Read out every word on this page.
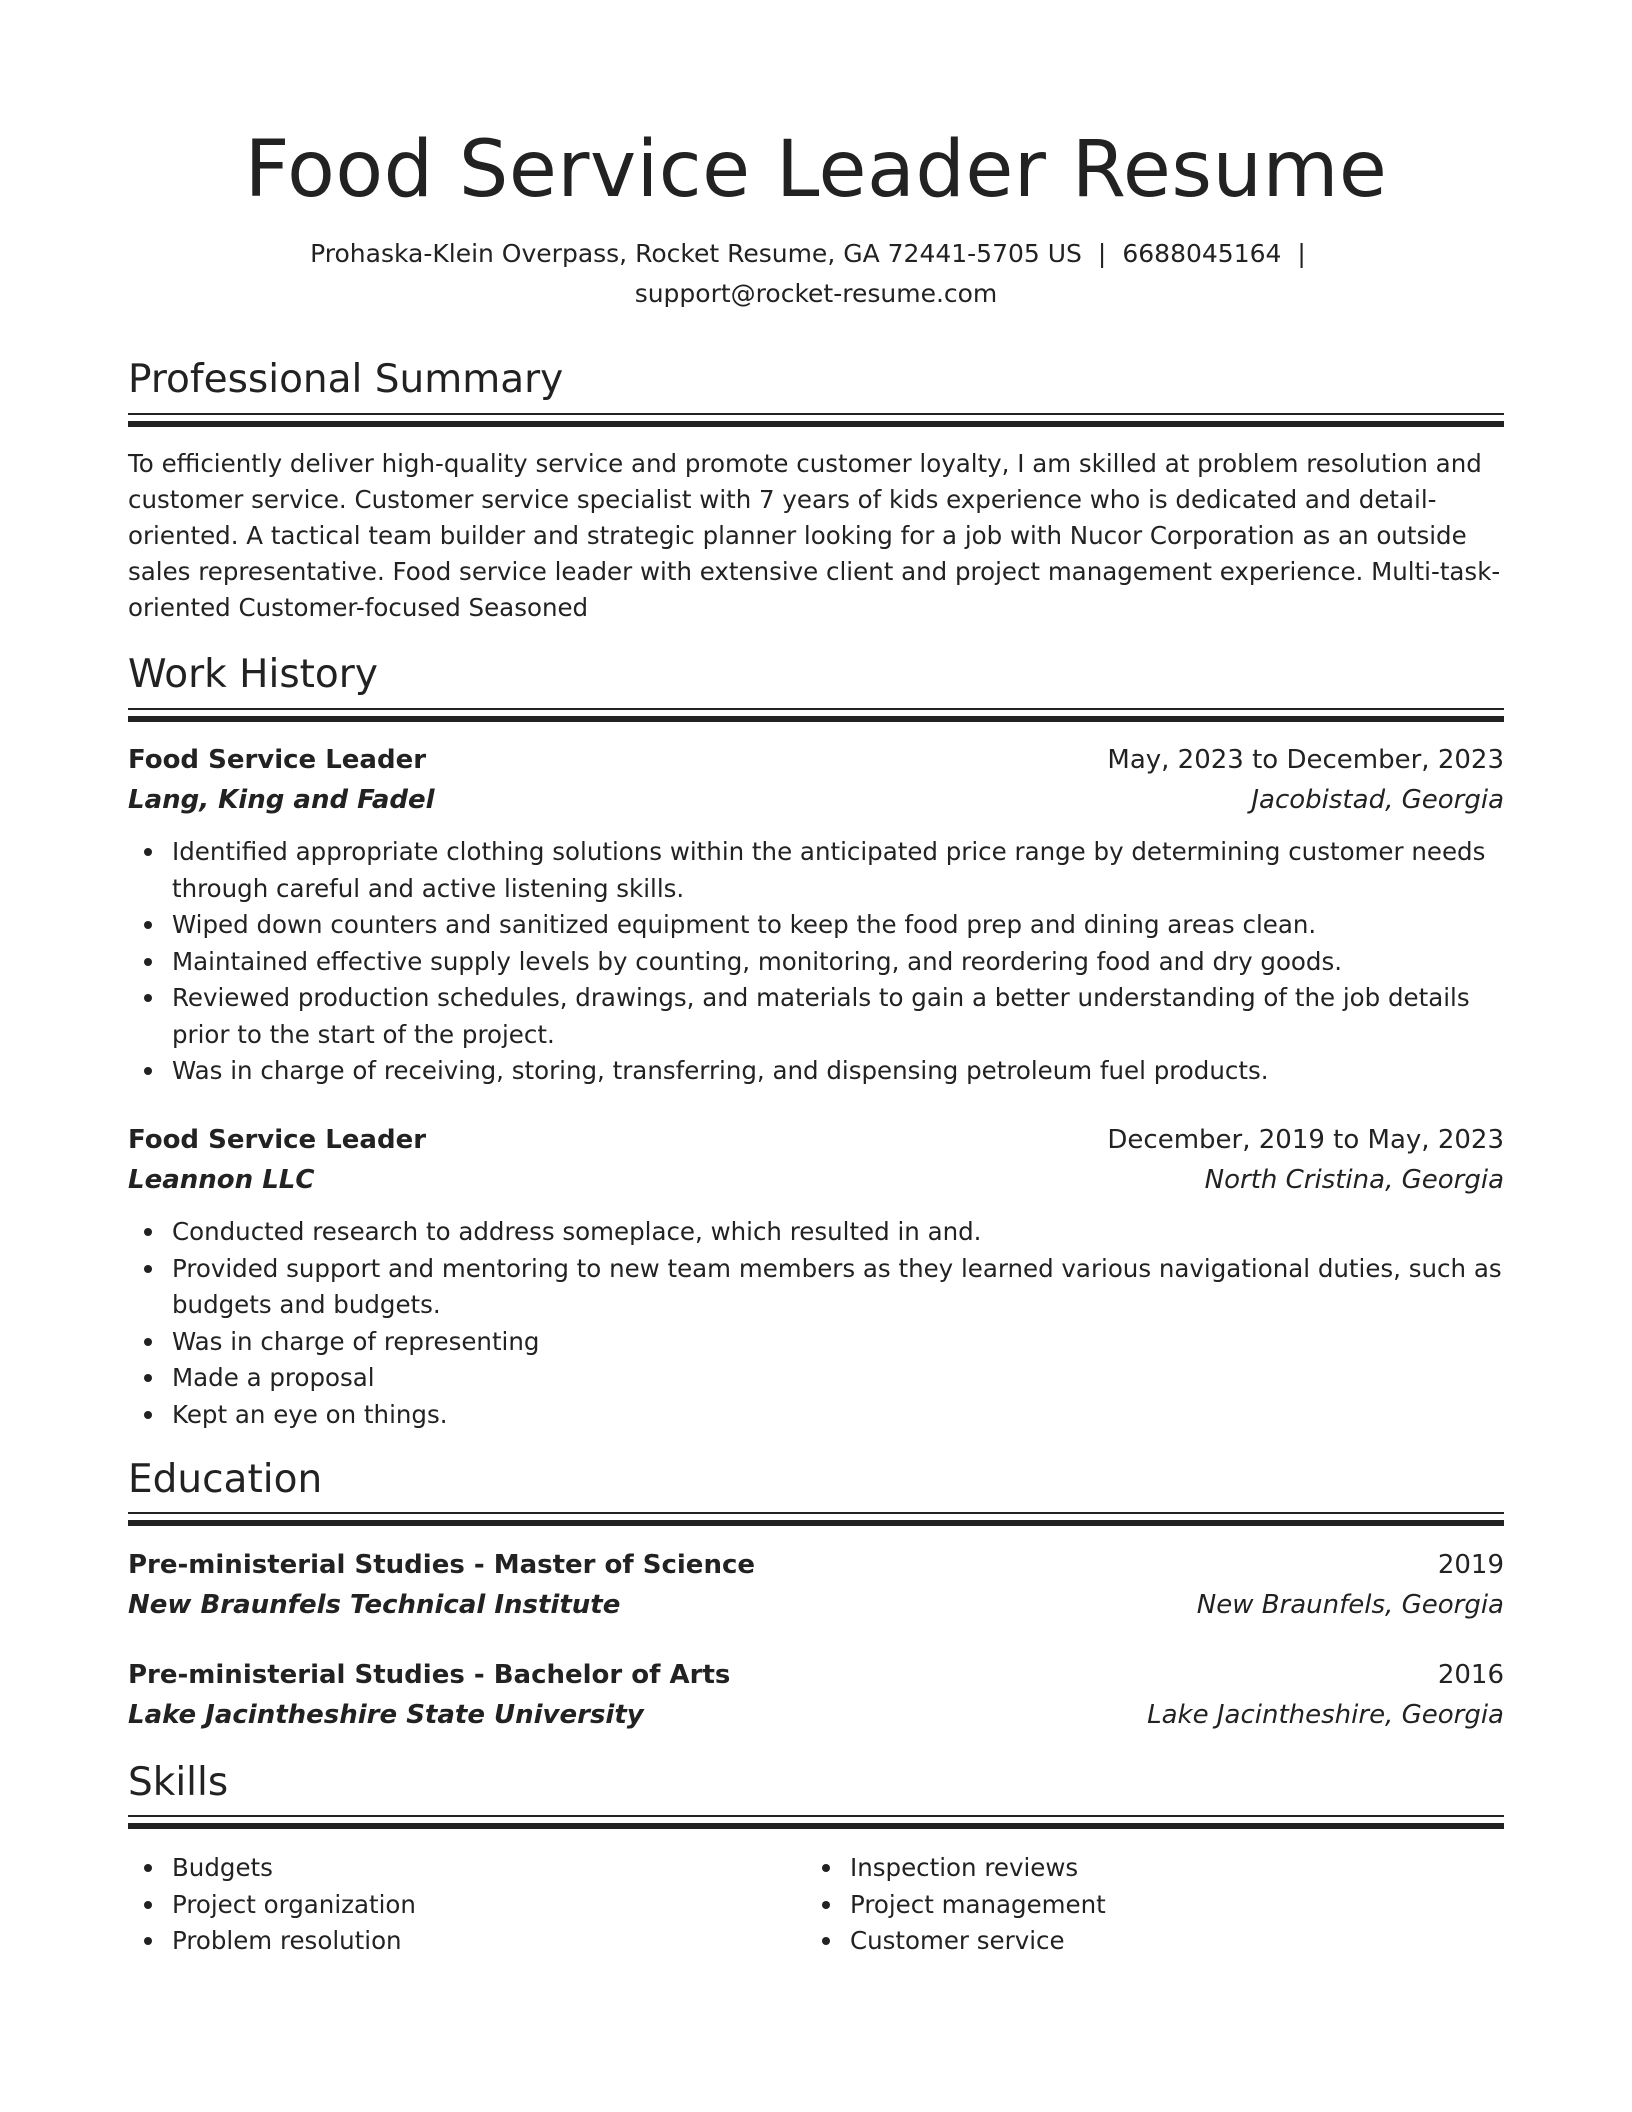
Food Service Leader Resume
Prohaska-Klein Overpass, Rocket Resume, GA 72441-5705 US | 6688045164 |
support@rocket-resume.com
Professional Summary

To efficiently deliver high-quality service and promote customer loyalty, I am skilled at problem resolution and customer service. Customer service specialist with 7 years of kids experience who is dedicated and detail-oriented. A tactical team builder and strategic planner looking for a job with Nucor Corporation as an outside sales representative. Food service leader with extensive client and project management experience. Multi-task-oriented Customer-focused Seasoned

Work History
Food Service Leader	May, 2023 to December, 2023
Lang, King and Fadel	Jacobistad, Georgia
Identified appropriate clothing solutions within the anticipated price range by determining customer needs through careful and active listening skills.
Wiped down counters and sanitized equipment to keep the food prep and dining areas clean.
Maintained effective supply levels by counting, monitoring, and reordering food and dry goods.
Reviewed production schedules, drawings, and materials to gain a better understanding of the job details prior to the start of the project.
Was in charge of receiving, storing, transferring, and dispensing petroleum fuel products.
Food Service Leader	December, 2019 to May, 2023
Leannon LLC	North Cristina, Georgia
Conducted research to address someplace, which resulted in and.
Provided support and mentoring to new team members as they learned various navigational duties, such as budgets and budgets.
Was in charge of representing
Made a proposal
Kept an eye on things.
Education
Pre-ministerial Studies - Master of Science	2019
New Braunfels Technical Institute	New Braunfels, Georgia
Pre-ministerial Studies - Bachelor of Arts	2016
Lake Jacintheshire State University	Lake Jacintheshire, Georgia
Skills
Budgets
Project organization
Problem resolution
Inspection reviews
Project management
Customer service
